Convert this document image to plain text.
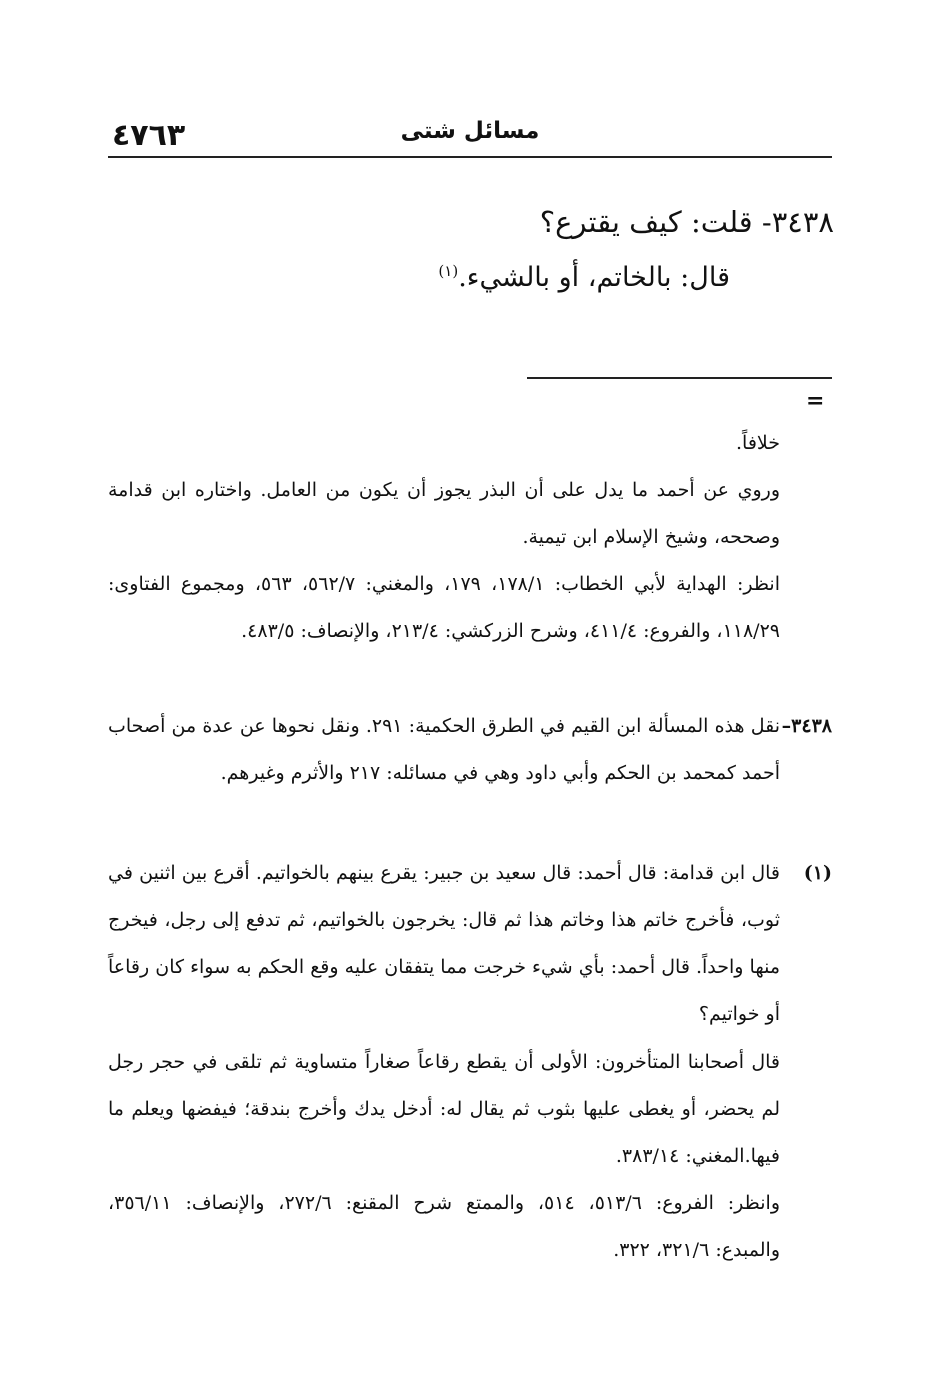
٤٧٦٣	مسائل شتى
٣٤٣٨- قلت: كيف يقترع؟
قال: بالخاتم، أو بالشيء.$^{(١)}$
=
خلافاً.
وروي عن أحمد ما يدل على أن البذر يجوز أن يكون من العامل. واختاره ابن قدامة وصححه، وشيخ الإسلام ابن تيمية.
انظر: الهداية لأبي الخطاب: ١٧٨/١، ١٧٩، والمغني: ٥٦٢/٧، ٥٦٣، ومجموع الفتاوى: ١١٨/٢٩، والفروع: ٤١١/٤، وشرح الزركشي: ٢١٣/٤، والإنصاف: ٤٨٣/٥.
٣٤٣٨–
نقل هذه المسألة ابن القيم في الطرق الحكمية: ٢٩١. ونقل نحوها عن عدة من أصحاب أحمد كمحمد بن الحكم وأبي داود وهي في مسائله: ٢١٧ والأثرم وغيرهم.
(١)
قال ابن قدامة: قال أحمد: قال سعيد بن جبير: يقرع بينهم بالخواتيم. أقرع بين اثنين في ثوب، فأخرج خاتم هذا وخاتم هذا ثم قال: يخرجون بالخواتيم، ثم تدفع إلى رجل، فيخرج منها واحداً. قال أحمد: بأي شيء خرجت مما يتفقان عليه وقع الحكم به سواء كان رقاعاً أو خواتيم؟
قال أصحابنا المتأخرون: الأولى أن يقطع رقاعاً صغاراً متساوية ثم تلقى في حجر رجل لم يحضر، أو يغطى عليها بثوب ثم يقال له: أدخل يدك وأخرج بندقة؛ فيفضها ويعلم ما فيها.المغني: ٣٨٣/١٤.
وانظر: الفروع: ٥١٣/٦، ٥١٤، والممتع شرح المقنع: ٢٧٢/٦، والإنصاف: ٣٥٦/١١، والمبدع: ٣٢١/٦، ٣٢٢.
